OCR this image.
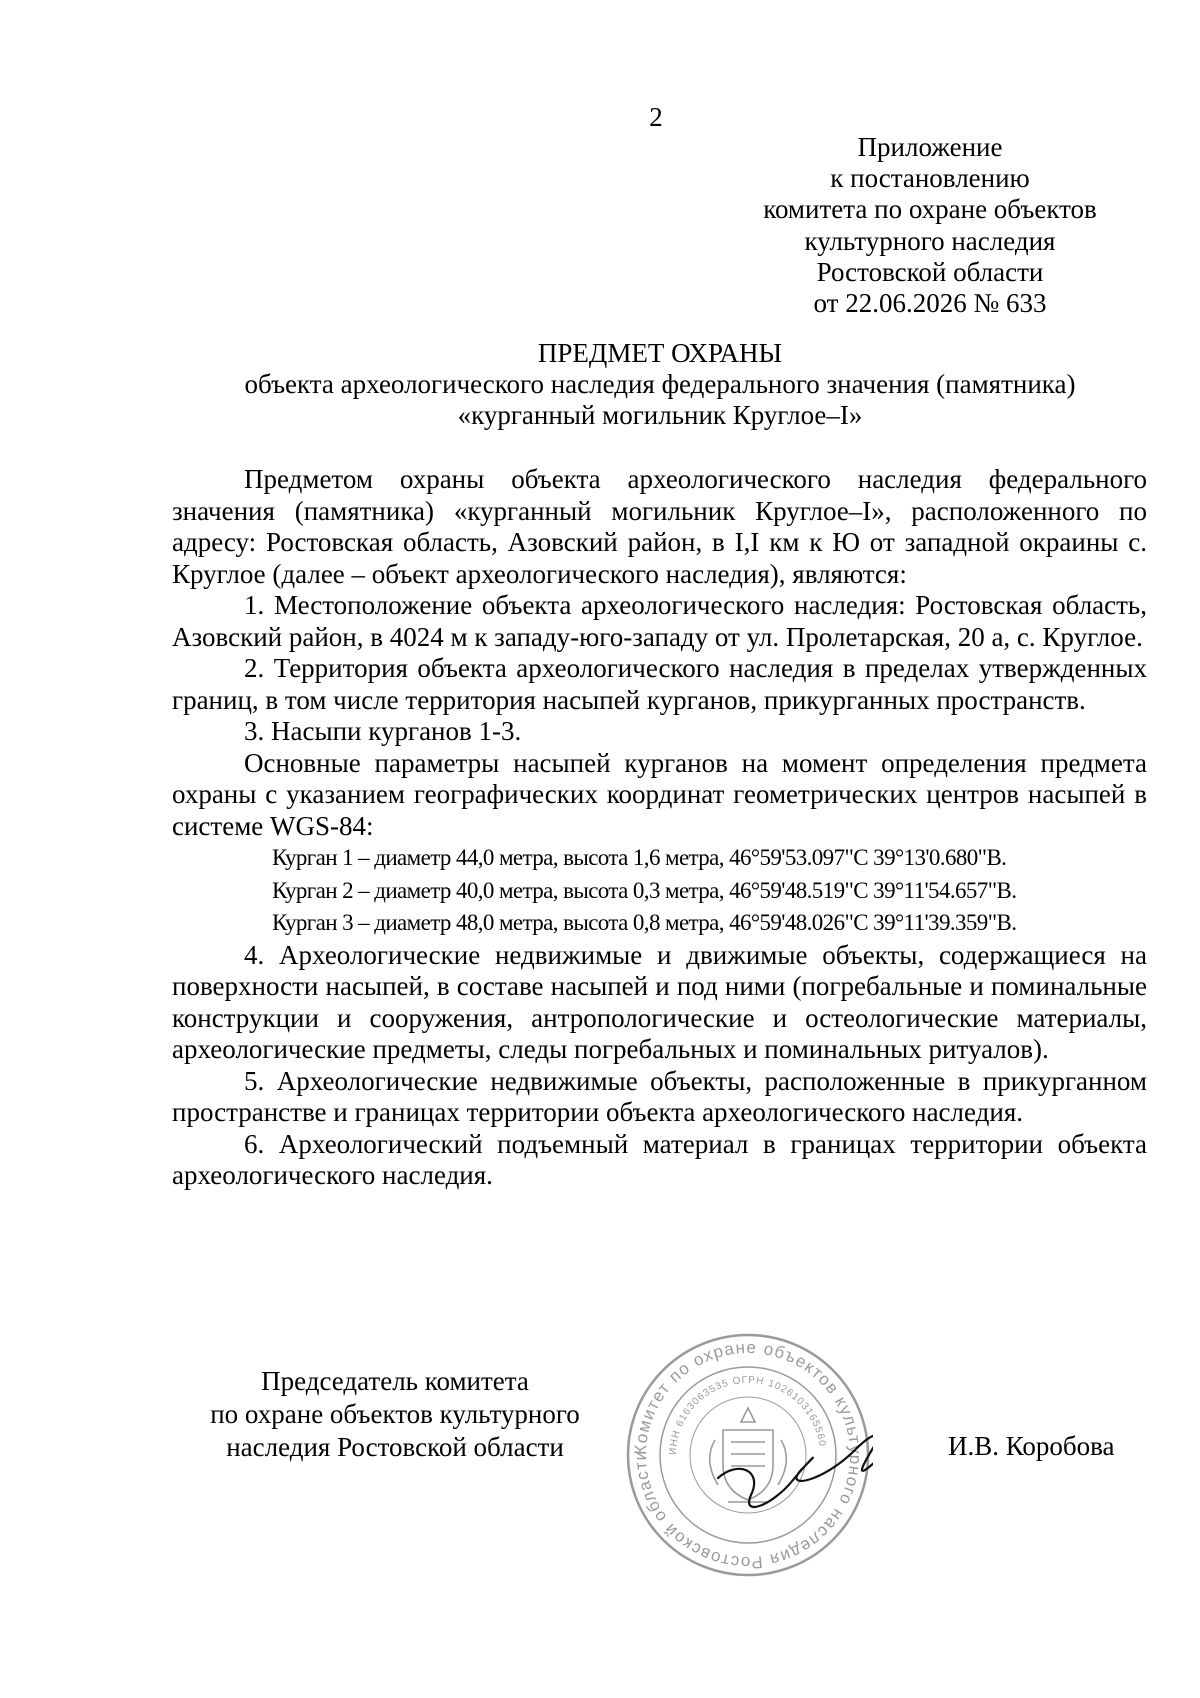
2
Приложение
к постановлению
комитета по охране объектов
культурного наследия
Ростовской области
от 22.06.2026 № 633
ПРЕДМЕТ ОХРАНЫ
объекта археологического наследия федерального значения (памятника)
«курганный могильник Круглое–I»

Предметом охраны объекта археологического наследия федерального значения (памятника) «курганный могильник Круглое–I», расположенного по адресу: Ростовская область, Азовский район, в I,I км к Ю от западной окраины с. Круглое (далее – объект археологического наследия), являются:

1. Местоположение объекта археологического наследия: Ростовская область, Азовский район, в 4024 м к западу-юго-западу от ул. Пролетарская, 20 а, с. Круглое.

2. Территория объекта археологического наследия в пределах утвержденных границ, в том числе территория насыпей курганов, прикурганных пространств.

3. Насыпи курганов 1-3.

Основные параметры насыпей курганов на момент определения предмета охраны с указанием географических координат геометрических центров насыпей в системе WGS-84:

Курган 1 – диаметр 44,0 метра, высота 1,6 метра, 46°59'53.097"С 39°13'0.680"В.
Курган 2 – диаметр 40,0 метра, высота 0,3 метра, 46°59'48.519"С 39°11'54.657"В.
Курган 3 – диаметр 48,0 метра, высота 0,8 метра, 46°59'48.026"С 39°11'39.359"В.

4. Археологические недвижимые и движимые объекты, содержащиеся на поверхности насыпей, в составе насыпей и под ними (погребальные и поминальные конструкции и сооружения, антропологические и остеологические материалы, археологические предметы, следы погребальных и поминальных ритуалов).

5. Археологические недвижимые объекты, расположенные в прикурганном пространстве и границах территории объекта археологического наследия.

6. Археологический подъемный материал в границах территории объекта археологического наследия.

Председатель комитета
по охране объектов культурного
наследия Ростовской области	Комитет по охране объектов культурного наследия Ростовской области	ИНН 6163063535 ОГРН 1026103165560	И.В. Коробова
